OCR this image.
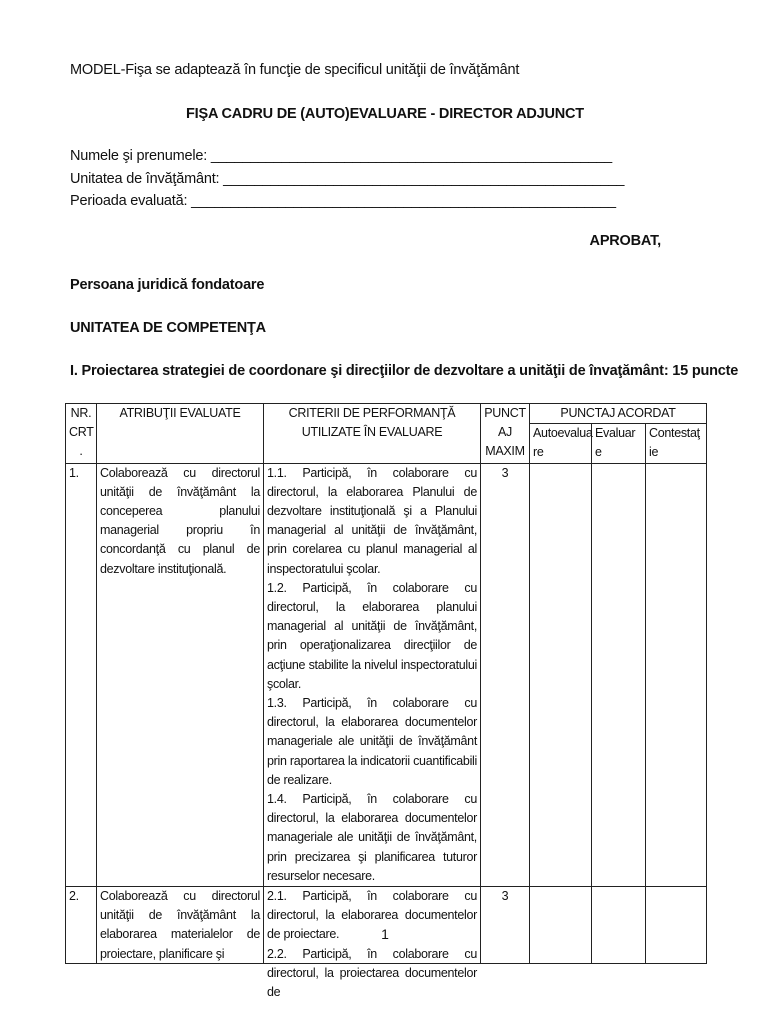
MODEL-Fişa se adaptează în funcţie de specificul unităţii de învăţământ
FIŞA CADRU DE (AUTO)EVALUARE - DIRECTOR ADJUNCT
Numele şi prenumele: ___________________________________________________
Unitatea de învăţământ: ___________________________________________________
Perioada evaluată: ______________________________________________________
APROBAT,
Persoana juridică fondatoare
UNITATEA DE COMPETENŢA
I. Proiectarea strategiei de coordonare şi direcţiilor de dezvoltare a unităţii de învaţământ: 15 puncte
NR. CRT .	ATRIBUŢII EVALUATE	CRITERII DE PERFORMANŢĂ UTILIZATE ÎN EVALUARE	PUNCT AJ MAXIM	PUNCTAJ ACORDAT		
				Autoevalua re	Evaluar e	Contestaţ ie
1.	Colaborează cu directorul unităţii de învăţământ la conceperea planului managerial propriu în concordanţă cu planul de dezvoltare instituţională.	1.1. Participă, în colaborare cu directorul, la elaborarea Planului de dezvoltare instituţională şi a Planului managerial al unităţii de învăţământ, prin corelarea cu planul managerial al inspectoratului şcolar.

1.2. Participă, în colaborare cu directorul, la elaborarea planului managerial al unităţii de învăţământ, prin operaţionalizarea direcţiilor de acţiune stabilite la nivelul inspectoratului şcolar.

1.3. Participă, în colaborare cu directorul, la elaborarea documentelor manageriale ale unităţii de învăţământ prin raportarea la indicatorii cuantificabili de realizare.

1.4. Participă, în colaborare cu directorul, la elaborarea documentelor manageriale ale unităţii de învăţământ, prin precizarea şi planificarea tuturor resurselor necesare.	3			
2.	Colaborează cu directorul unităţii de învăţământ la elaborarea materialelor de proiectare, planificare şi	2.1. Participă, în colaborare cu directorul, la elaborarea documentelor de proiectare.

2.2. Participă, în colaborare cu directorul, la proiectarea documentelor de	3			
1
